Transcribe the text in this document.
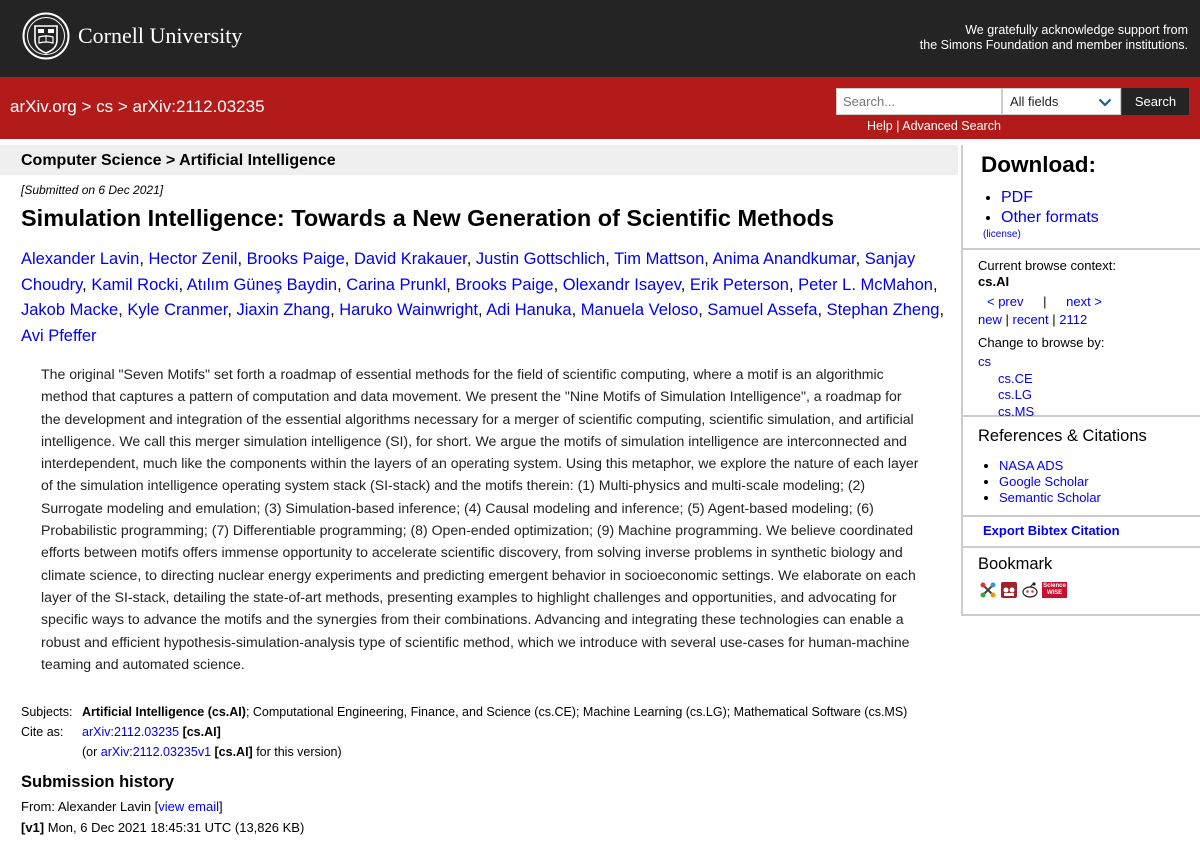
Cornell University	We gratefully acknowledge support from
the Simons Foundation and member institutions.
arXiv.org > cs > arXiv:2112.03235
Search...	All fields	Search
Help | Advanced Search
Computer Science > Artificial Intelligence
[Submitted on 6 Dec 2021]
Simulation Intelligence: Towards a New Generation of Scientific Methods
Alexander Lavin, Hector Zenil, Brooks Paige, David Krakauer, Justin Gottschlich, Tim Mattson, Anima Anandkumar, Sanjay Choudry, Kamil Rocki, Atılım Güneş Baydin, Carina Prunkl, Brooks Paige, Olexandr Isayev, Erik Peterson, Peter L. McMahon, Jakob Macke, Kyle Cranmer, Jiaxin Zhang, Haruko Wainwright, Adi Hanuka, Manuela Veloso, Samuel Assefa, Stephan Zheng, Avi Pfeffer
The original "Seven Motifs" set forth a roadmap of essential methods for the field of scientific computing, where a motif is an algorithmic method that captures a pattern of computation and data movement. We present the "Nine Motifs of Simulation Intelligence", a roadmap for the development and integration of the essential algorithms necessary for a merger of scientific computing, scientific simulation, and artificial intelligence. We call this merger simulation intelligence (SI), for short. We argue the motifs of simulation intelligence are interconnected and interdependent, much like the components within the layers of an operating system. Using this metaphor, we explore the nature of each layer of the simulation intelligence operating system stack (SI-stack) and the motifs therein: (1) Multi-physics and multi-scale modeling; (2) Surrogate modeling and emulation; (3) Simulation-based inference; (4) Causal modeling and inference; (5) Agent-based modeling; (6) Probabilistic programming; (7) Differentiable programming; (8) Open-ended optimization; (9) Machine programming. We believe coordinated efforts between motifs offers immense opportunity to accelerate scientific discovery, from solving inverse problems in synthetic biology and climate science, to directing nuclear energy experiments and predicting emergent behavior in socioeconomic settings. We elaborate on each layer of the SI-stack, detailing the state-of-art methods, presenting examples to highlight challenges and opportunities, and advocating for specific ways to advance the motifs and the synergies from their combinations. Advancing and integrating these technologies can enable a robust and efficient hypothesis-simulation-analysis type of scientific method, which we introduce with several use-cases for human-machine teaming and automated science.
Subjects: Artificial Intelligence (cs.AI); Computational Engineering, Finance, and Science (cs.CE); Machine Learning (cs.LG); Mathematical Software (cs.MS)
Cite as: arXiv:2112.03235 [cs.AI]
(or arXiv:2112.03235v1 [cs.AI] for this version)
Submission history
From: Alexander Lavin [view email]
[v1] Mon, 6 Dec 2021 18:45:31 UTC (13,826 KB)
Download:
• PDF
• Other formats
(license)
Current browse context:
cs.AI
< prev | next >
new | recent | 2112
Change to browse by:
cs
cs.CE
cs.LG
cs.MS
References & Citations
• NASA ADS
• Google Scholar
• Semantic Scholar
Export Bibtex Citation
Bookmark
Science
WISE
